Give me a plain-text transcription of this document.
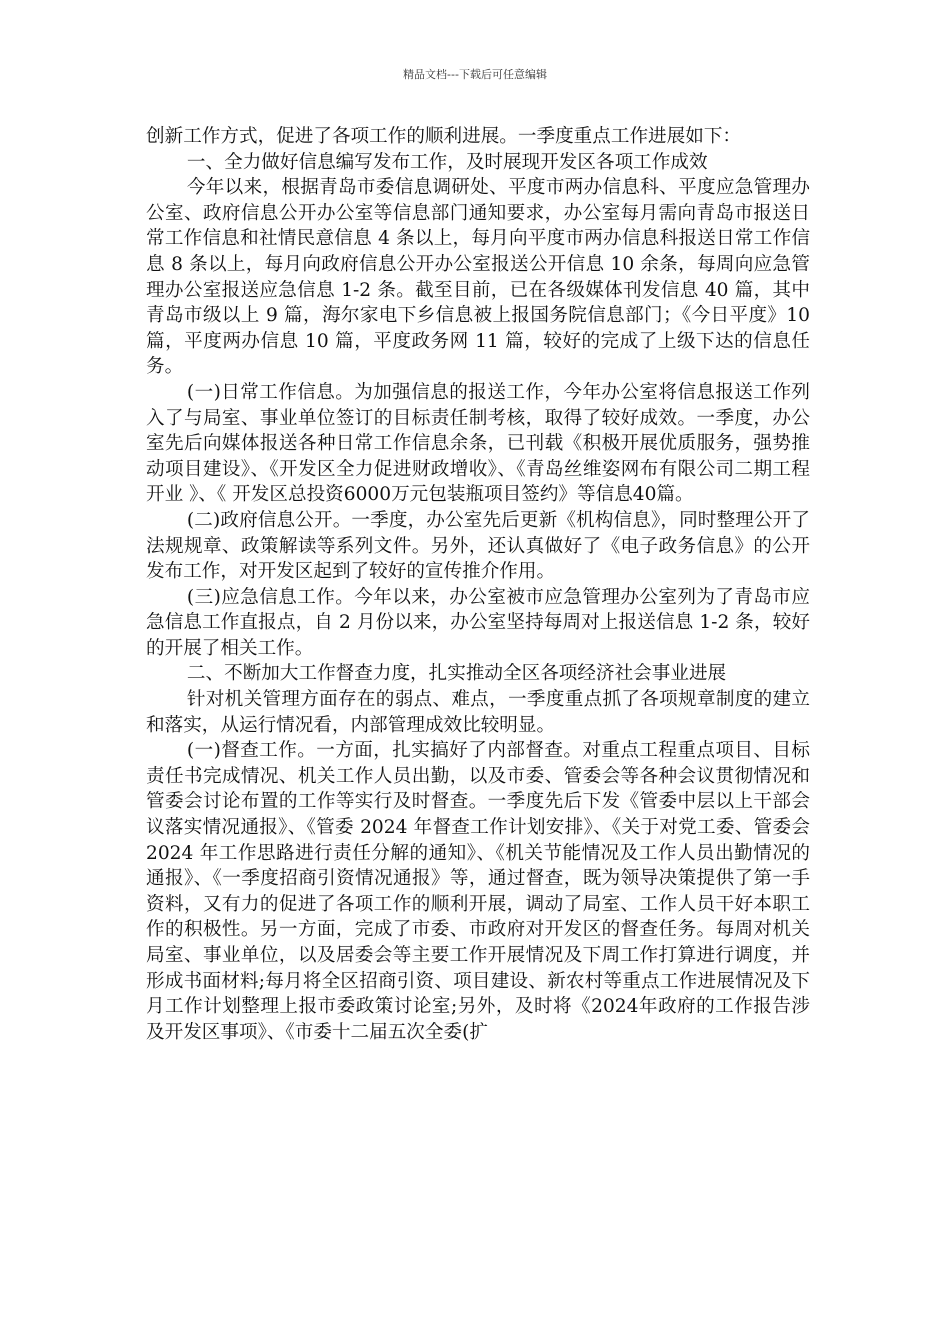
精品文档---下载后可任意编辑

创新工作方式，促进了各项工作的顺利进展。一季度重点工作进展如下：

一、全力做好信息编写发布工作，及时展现开发区各项工作成效

今年以来，根据青岛市委信息调研处、平度市两办信息科、平度应急管理办公室、政府信息公开办公室等信息部门通知要求，办公室每月需向青岛市报送日常工作信息和社情民意信息 4 条以上，每月向平度市两办信息科报送日常工作信息 8 条以上，每月向政府信息公开办公室报送公开信息 10 余条，每周向应急管理办公室报送应急信息 1-2 条。截至目前，已在各级媒体刊发信息 40 篇，其中青岛市级以上 9 篇，海尔家电下乡信息被上报国务院信息部门；《今日平度》10 篇，平度两办信息 10 篇，平度政务网 11 篇，较好的完成了上级下达的信息任务。

(一)日常工作信息。为加强信息的报送工作，今年办公室将信息报送工作列入了与局室、事业单位签订的目标责任制考核，取得了较好成效。一季度，办公室先后向媒体报送各种日常工作信息余条，已刊载《积极开展优质服务，强势推动项目建设》、《开发区全力促进财政增收》、《青岛丝维姿网布有限公司二期工程开业 》、《 开发区总投资6000万元包装瓶项目签约》等信息40篇。

(二)政府信息公开。一季度，办公室先后更新《机构信息》，同时整理公开了法规规章、政策解读等系列文件。另外，还认真做好了《电子政务信息》的公开发布工作，对开发区起到了较好的宣传推介作用。

(三)应急信息工作。今年以来，办公室被市应急管理办公室列为了青岛市应急信息工作直报点，自 2 月份以来，办公室坚持每周对上报送信息 1-2 条，较好的开展了相关工作。

二、不断加大工作督查力度，扎实推动全区各项经济社会事业进展

针对机关管理方面存在的弱点、难点，一季度重点抓了各项规章制度的建立和落实，从运行情况看，内部管理成效比较明显。

(一)督查工作。一方面，扎实搞好了内部督查。对重点工程重点项目、目标责任书完成情况、机关工作人员出勤，以及市委、管委会等各种会议贯彻情况和管委会讨论布置的工作等实行及时督查。一季度先后下发《管委中层以上干部会议落实情况通报》、《管委 2024 年督查工作计划安排》、《关于对党工委、管委会 2024 年工作思路进行责任分解的通知》、《机关节能情况及工作人员出勤情况的通报》、《一季度招商引资情况通报》等，通过督查，既为领导决策提供了第一手资料，又有力的促进了各项工作的顺利开展，调动了局室、工作人员干好本职工作的积极性。另一方面，完成了市委、市政府对开发区的督查任务。每周对机关局室、事业单位，以及居委会等主要工作开展情况及下周工作打算进行调度，并形成书面材料;每月将全区招商引资、项目建设、新农村等重点工作进展情况及下月工作计划整理上报市委政策讨论室;另外，及时将《2024年政府的工作报告涉及开发区事项》、《市委十二届五次全委(扩
